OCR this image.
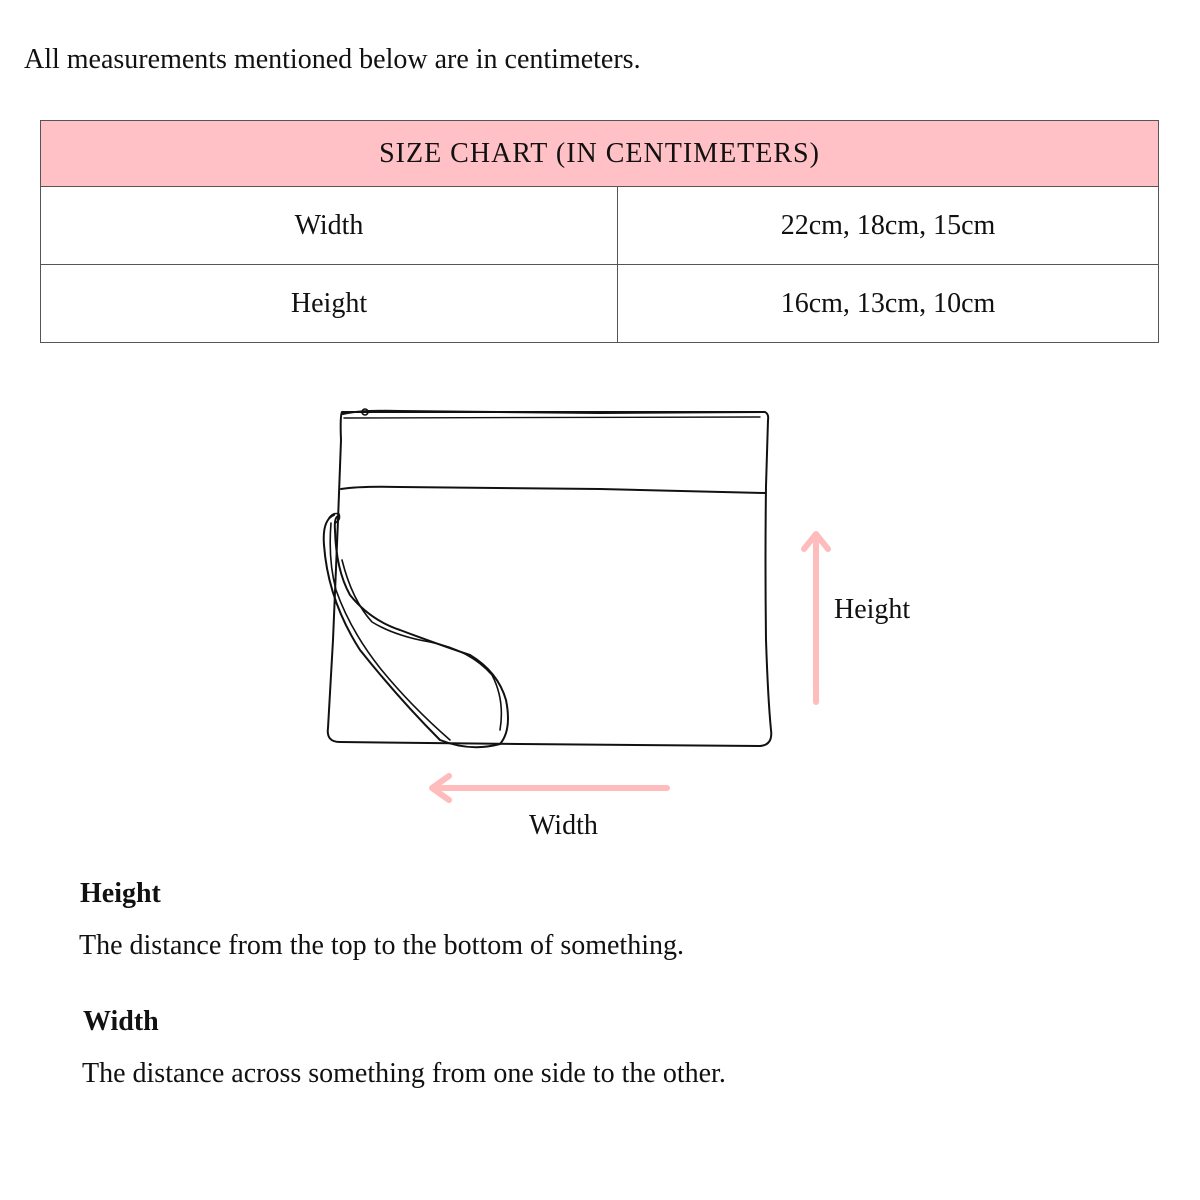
All measurements mentioned below are in centimeters.

SIZE CHART (IN CENTIMETERS)	
Width	22cm, 18cm, 15cm
Height	16cm, 13cm, 10cm

Height

Width

Height

The distance from the top to the bottom of something.

Width

The distance across something from one side to the other.
